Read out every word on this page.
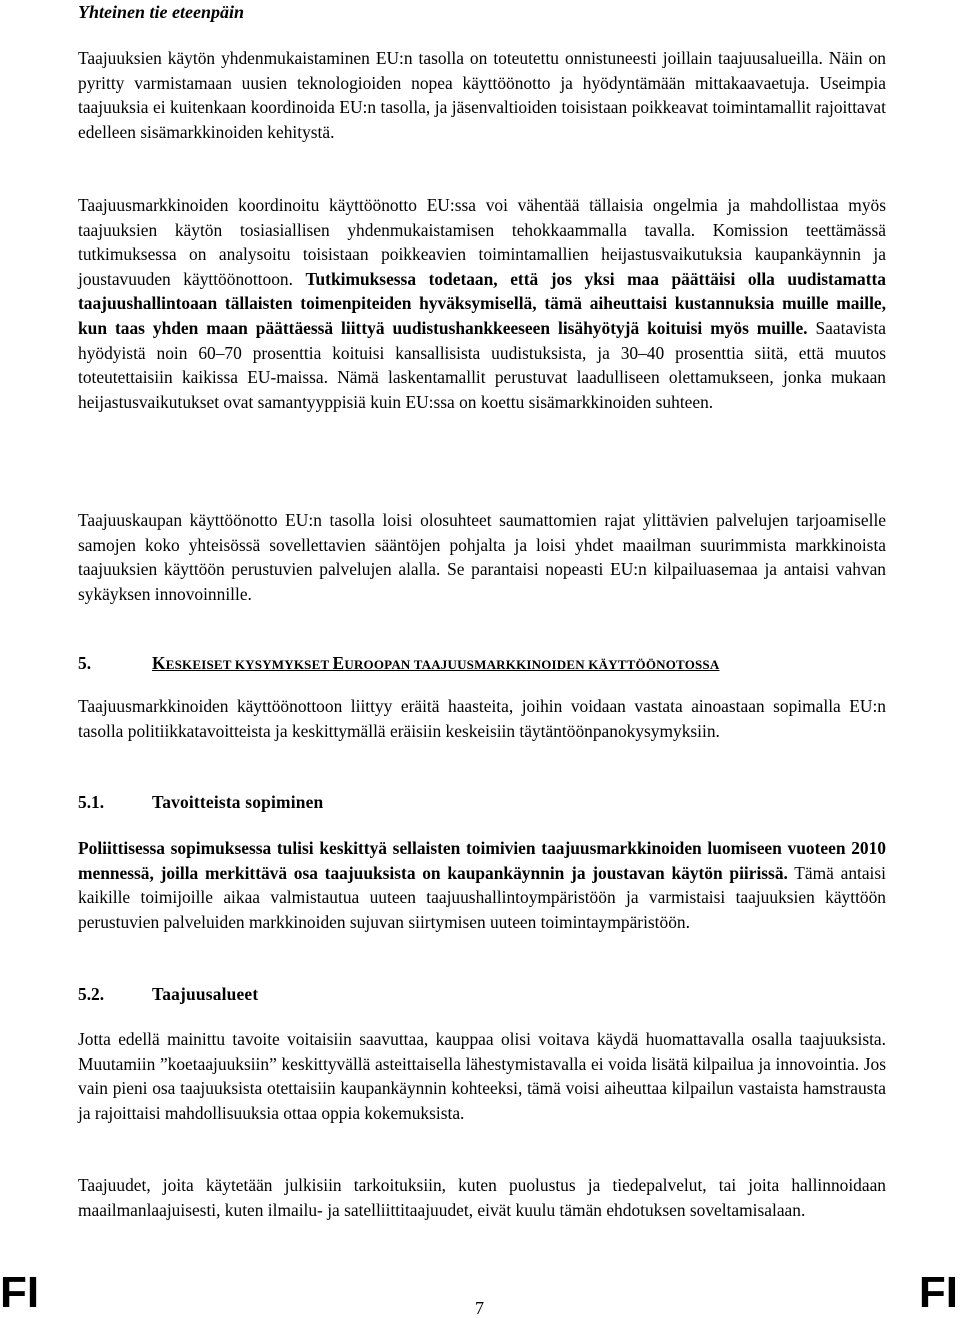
Yhteinen tie eteenpäin

Taajuuksien käytön yhdenmukaistaminen EU:n tasolla on toteutettu onnistuneesti joillain taajuusalueilla. Näin on pyritty varmistamaan uusien teknologioiden nopea käyttöönotto ja hyödyntämään mittakaavaetuja. Useimpia taajuuksia ei kuitenkaan koordinoida EU:n tasolla, ja jäsenvaltioiden toisistaan poikkeavat toimintamallit rajoittavat edelleen sisämarkkinoiden kehitystä.

Taajuusmarkkinoiden koordinoitu käyttöönotto EU:ssa voi vähentää tällaisia ongelmia ja mahdollistaa myös taajuuksien käytön tosiasiallisen yhdenmukaistamisen tehokkaammalla tavalla. Komission teettämässä tutkimuksessa on analysoitu toisistaan poikkeavien toimintamallien heijastusvaikutuksia kaupankäynnin ja joustavuuden käyttöönottoon. Tutkimuksessa todetaan, että jos yksi maa päättäisi olla uudistamatta taajuushallintoaan tällaisten toimenpiteiden hyväksymisellä, tämä aiheuttaisi kustannuksia muille maille, kun taas yhden maan päättäessä liittyä uudistushankkeeseen lisähyötyjä koituisi myös muille. Saatavista hyödyistä noin 60–70 prosenttia koituisi kansallisista uudistuksista, ja 30–40 prosenttia siitä, että muutos toteutettaisiin kaikissa EU-maissa. Nämä laskentamallit perustuvat laadulliseen olettamukseen, jonka mukaan heijastusvaikutukset ovat samantyyppisiä kuin EU:ssa on koettu sisämarkkinoiden suhteen.

Taajuuskaupan käyttöönotto EU:n tasolla loisi olosuhteet saumattomien rajat ylittävien palvelujen tarjoamiselle samojen koko yhteisössä sovellettavien sääntöjen pohjalta ja loisi yhdet maailman suurimmista markkinoista taajuuksien käyttöön perustuvien palvelujen alalla. Se parantaisi nopeasti EU:n kilpailuasemaa ja antaisi vahvan sykäyksen innovoinnille.

5.	KESKEISET KYSYMYKSET EUROOPAN TAAJUUSMARKKINOIDEN KÄYTTÖÖNOTOSSA

Taajuusmarkkinoiden käyttöönottoon liittyy eräitä haasteita, joihin voidaan vastata ainoastaan sopimalla EU:n tasolla politiikkatavoitteista ja keskittymällä eräisiin keskeisiin täytäntöönpanokysymyksiin.

5.1.	Tavoitteista sopiminen

Poliittisessa sopimuksessa tulisi keskittyä sellaisten toimivien taajuusmarkkinoiden luomiseen vuoteen 2010 mennessä, joilla merkittävä osa taajuuksista on kaupankäynnin ja joustavan käytön piirissä. Tämä antaisi kaikille toimijoille aikaa valmistautua uuteen taajuushallintoympäristöön ja varmistaisi taajuuksien käyttöön perustuvien palveluiden markkinoiden sujuvan siirtymisen uuteen toimintaympäristöön.

5.2.	Taajuusalueet

Jotta edellä mainittu tavoite voitaisiin saavuttaa, kauppaa olisi voitava käydä huomattavalla osalla taajuuksista. Muutamiin ”koetaajuuksiin” keskittyvällä asteittaisella lähestymistavalla ei voida lisätä kilpailua ja innovointia. Jos vain pieni osa taajuuksista otettaisiin kaupankäynnin kohteeksi, tämä voisi aiheuttaa kilpailun vastaista hamstrausta ja rajoittaisi mahdollisuuksia ottaa oppia kokemuksista.

Taajuudet, joita käytetään julkisiin tarkoituksiin, kuten puolustus ja tiedepalvelut, tai joita hallinnoidaan maailmanlaajuisesti, kuten ilmailu- ja satelliittitaajuudet, eivät kuulu tämän ehdotuksen soveltamisalaan.

FI	7	FI
